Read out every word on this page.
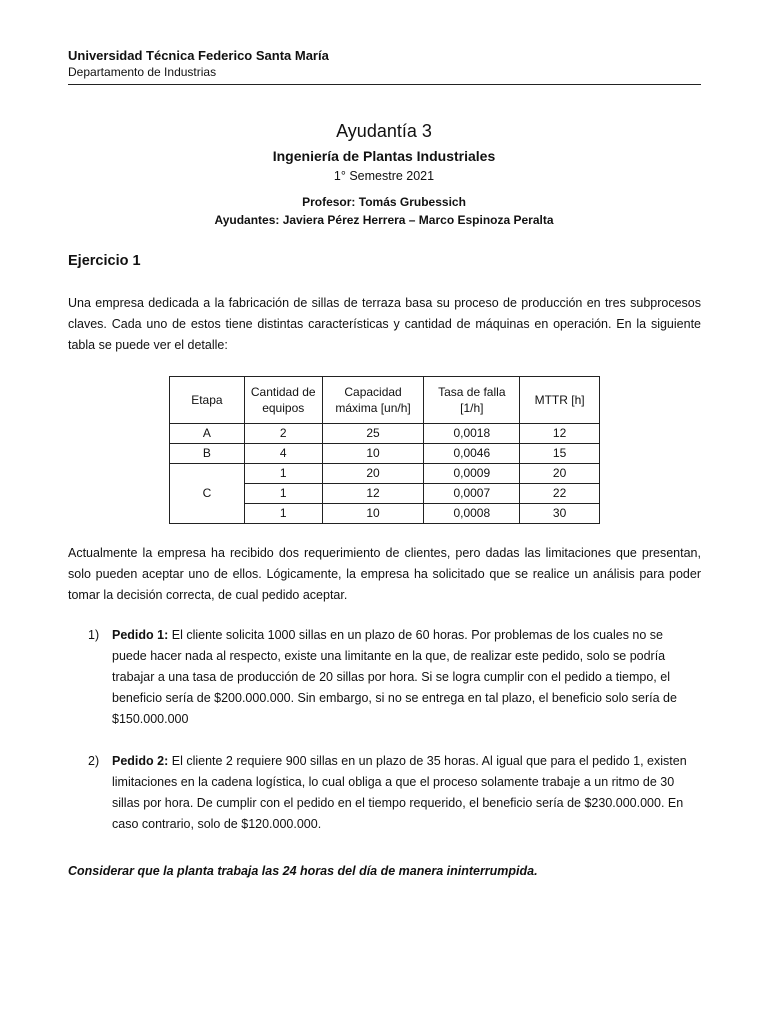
Universidad Técnica Federico Santa María
Departamento de Industrias
Ayudantía 3
Ingeniería de Plantas Industriales
1° Semestre 2021
Profesor: Tomás Grubessich
Ayudantes: Javiera Pérez Herrera – Marco Espinoza Peralta
Ejercicio 1
Una empresa dedicada a la fabricación de sillas de terraza basa su proceso de producción en tres subprocesos claves. Cada uno de estos tiene distintas características y cantidad de máquinas en operación. En la siguiente tabla se puede ver el detalle:
Etapa	Cantidad de equipos	Capacidad máxima [un/h]	Tasa de falla [1/h]	MTTR [h]
A	2	25	0,0018	12
B	4	10	0,0046	15
C	1	20	0,0009	20
	1	12	0,0007	22
	1	10	0,0008	30
Actualmente la empresa ha recibido dos requerimiento de clientes, pero dadas las limitaciones que presentan, solo pueden aceptar uno de ellos. Lógicamente, la empresa ha solicitado que se realice un análisis para poder tomar la decisión correcta, de cual pedido aceptar.
1) Pedido 1: El cliente solicita 1000 sillas en un plazo de 60 horas. Por problemas de los cuales no se puede hacer nada al respecto, existe una limitante en la que, de realizar este pedido, solo se podría trabajar a una tasa de producción de 20 sillas por hora. Si se logra cumplir con el pedido a tiempo, el beneficio sería de $200.000.000. Sin embargo, si no se entrega en tal plazo, el beneficio solo sería de $150.000.000
2) Pedido 2: El cliente 2 requiere 900 sillas en un plazo de 35 horas. Al igual que para el pedido 1, existen limitaciones en la cadena logística, lo cual obliga a que el proceso solamente trabaje a un ritmo de 30 sillas por hora. De cumplir con el pedido en el tiempo requerido, el beneficio sería de $230.000.000. En caso contrario, solo de $120.000.000.
Considerar que la planta trabaja las 24 horas del día de manera ininterrumpida.
